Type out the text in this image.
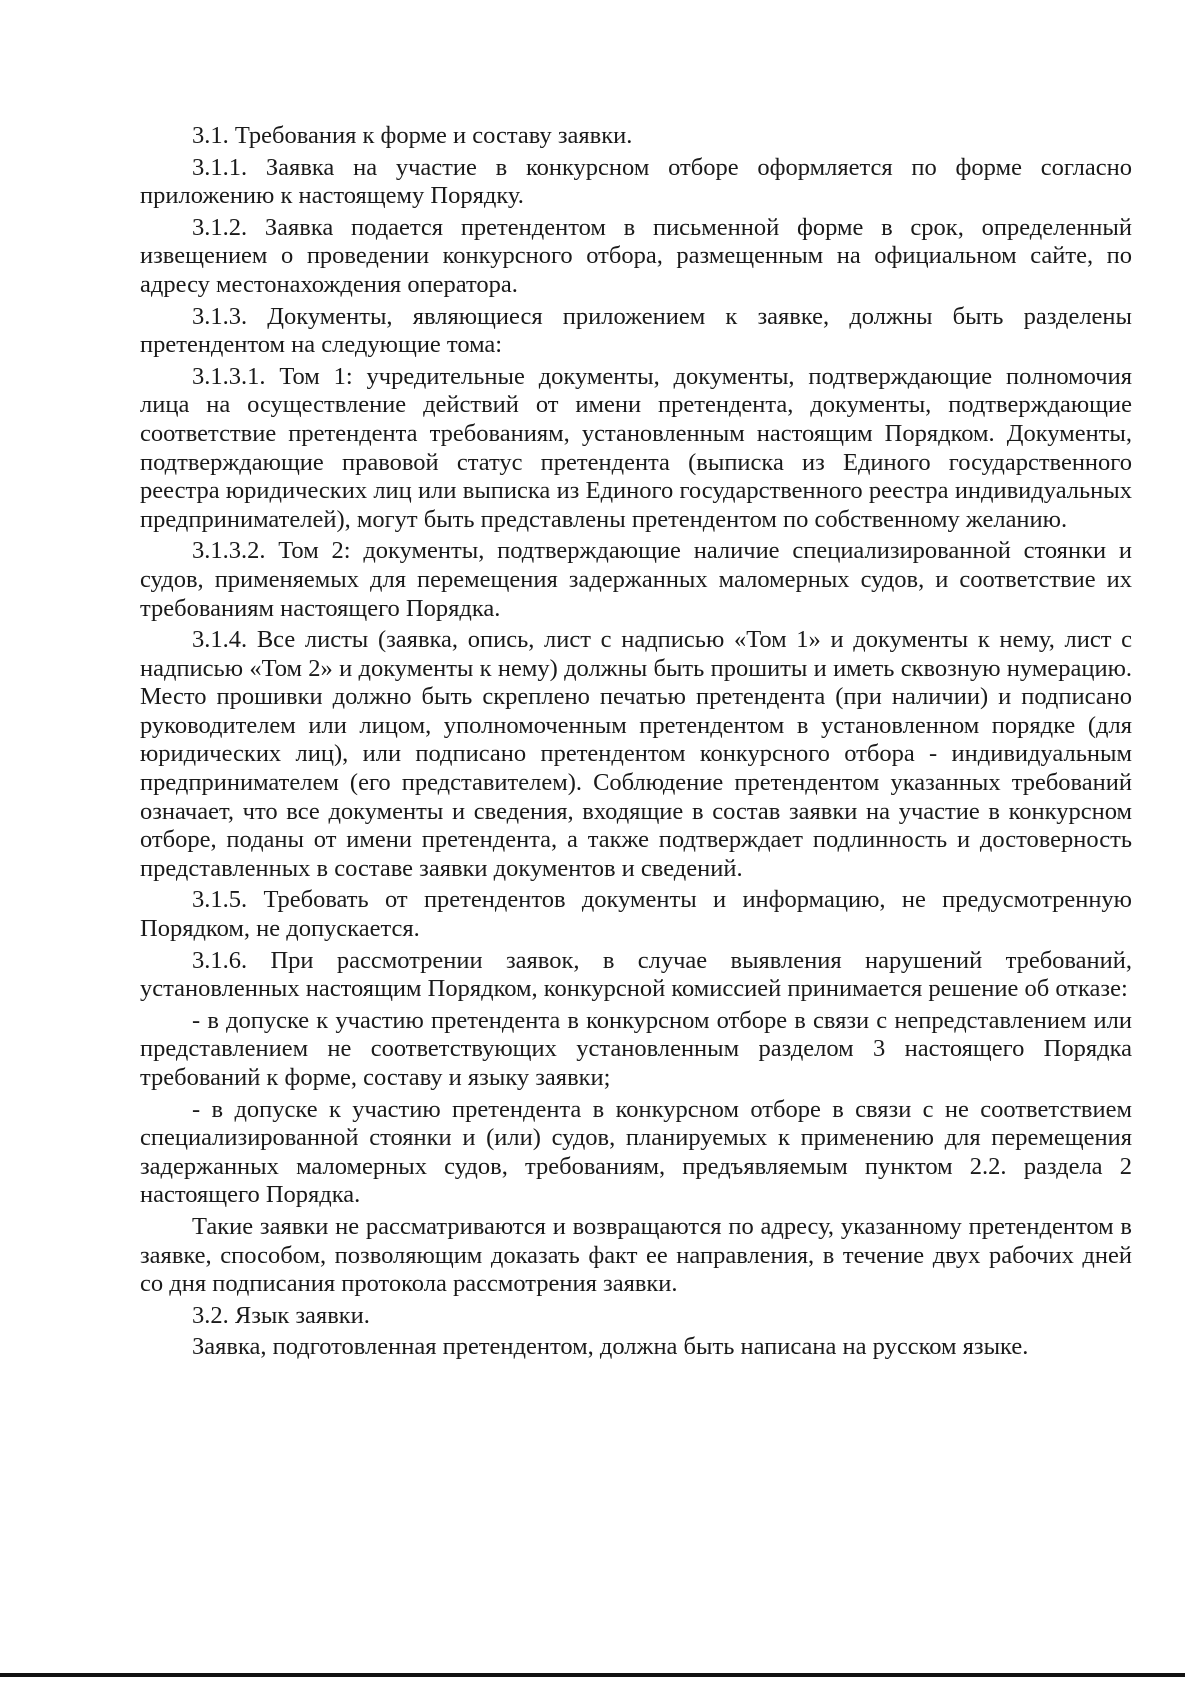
3.1. Требования к форме и составу заявки.

3.1.1. Заявка на участие в конкурсном отборе оформляется по форме согласно приложению к настоящему Порядку.

3.1.2. Заявка подается претендентом в письменной форме в срок, определенный извещением о проведении конкурсного отбора, размещенным на официальном сайте, по адресу местонахождения оператора.

3.1.3. Документы, являющиеся приложением к заявке, должны быть разделены претендентом на следующие тома:

3.1.3.1. Том 1: учредительные документы, документы, подтверждающие полномочия лица на осуществление действий от имени претендента, документы, подтверждающие соответствие претендента требованиям, установленным настоящим Порядком. Документы, подтверждающие правовой статус претендента (выписка из Единого государственного реестра юридических лиц или выписка из Единого государственного реестра индивидуальных предпринимателей), могут быть представлены претендентом по собственному желанию.

3.1.3.2. Том 2: документы, подтверждающие наличие специализированной стоянки и судов, применяемых для перемещения задержанных маломерных судов, и соответствие их требованиям настоящего Порядка.

3.1.4. Все листы (заявка, опись, лист с надписью «Том 1» и документы к нему, лист с надписью «Том 2» и документы к нему) должны быть прошиты и иметь сквозную нумерацию. Место прошивки должно быть скреплено печатью претендента (при наличии) и подписано руководителем или лицом, уполномоченным претендентом в установленном порядке (для юридических лиц), или подписано претендентом конкурсного отбора - индивидуальным предпринимателем (его представителем). Соблюдение претендентом указанных требований означает, что все документы и сведения, входящие в состав заявки на участие в конкурсном отборе, поданы от имени претендента, а также подтверждает подлинность и достоверность представленных в составе заявки документов и сведений.

3.1.5. Требовать от претендентов документы и информацию, не предусмотренную Порядком, не допускается.

3.1.6. При рассмотрении заявок, в случае выявления нарушений требований, установленных настоящим Порядком, конкурсной комиссией принимается решение об отказе:

- в допуске к участию претендента в конкурсном отборе в связи с непредставлением или представлением не соответствующих установленным разделом 3 настоящего Порядка требований к форме, составу и языку заявки;

- в допуске к участию претендента в конкурсном отборе в связи с не соответствием специализированной стоянки и (или) судов, планируемых к применению для перемещения задержанных маломерных судов, требованиям, предъявляемым пунктом 2.2. раздела 2 настоящего Порядка.

Такие заявки не рассматриваются и возвращаются по адресу, указанному претендентом в заявке, способом, позволяющим доказать факт ее направления, в течение двух рабочих дней со дня подписания протокола рассмотрения заявки.

3.2. Язык заявки.

Заявка, подготовленная претендентом, должна быть написана на русском языке.
